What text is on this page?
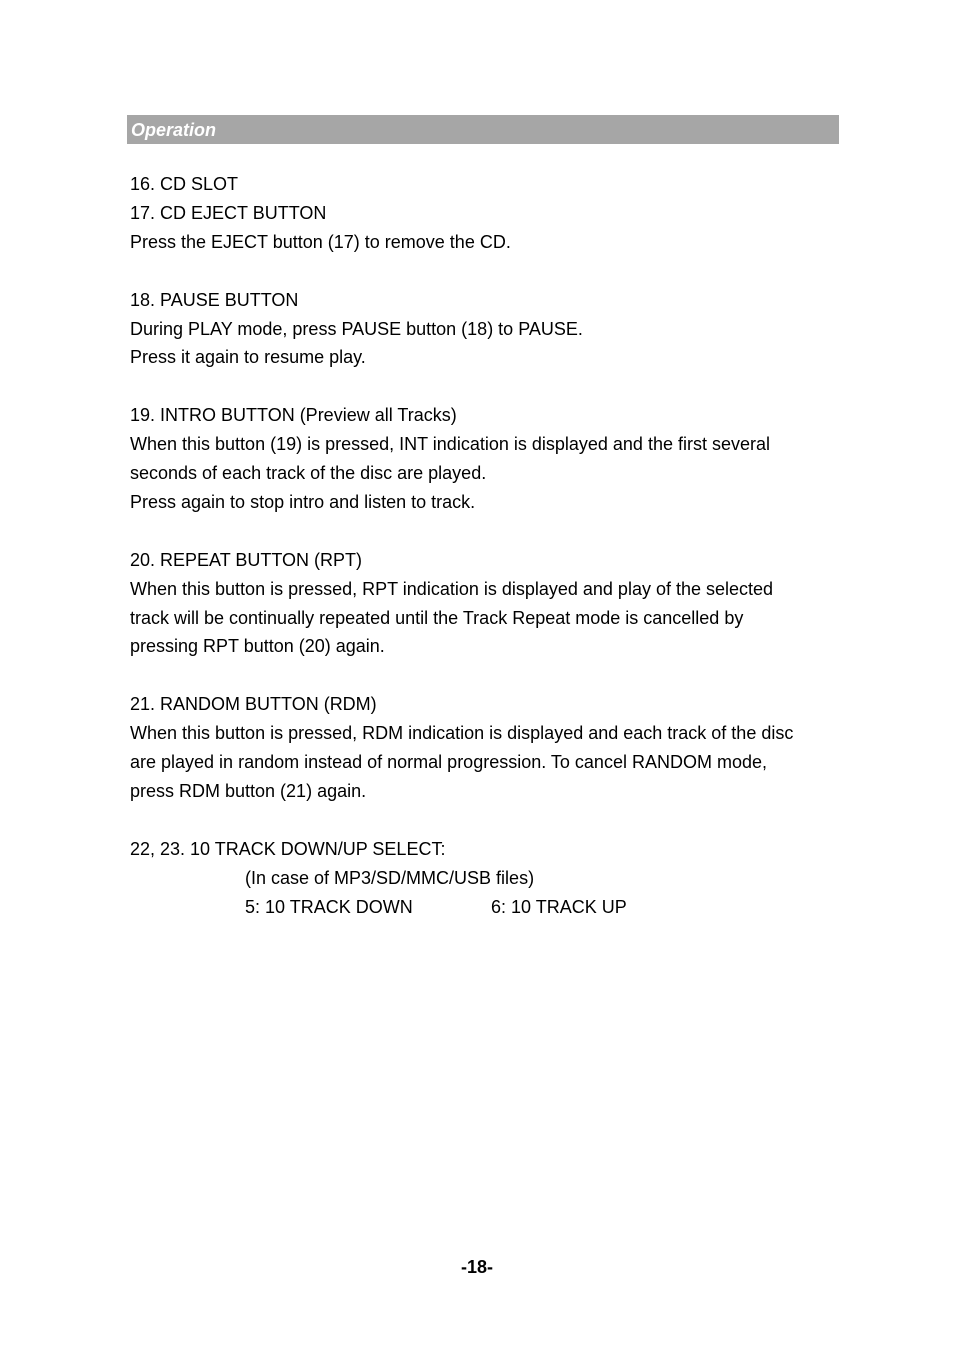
Operation
16. CD SLOT
17. CD EJECT BUTTON
Press the EJECT button (17) to remove the CD.
18. PAUSE BUTTON
During PLAY mode, press PAUSE button (18) to PAUSE.
Press it again to resume play.
19. INTRO BUTTON (Preview all Tracks)
When this button (19) is pressed, INT indication is displayed and the first several
seconds of each track of the disc are played.
Press again to stop intro and listen to track.
20. REPEAT BUTTON (RPT)
When this button is pressed, RPT indication is displayed and play of the selected
track will be continually repeated until the Track Repeat mode is cancelled by
pressing RPT button (20) again.
21. RANDOM BUTTON (RDM)
When this button is pressed, RDM indication is displayed and each track of the disc
are played in random instead of normal progression. To cancel RANDOM mode,
press RDM button (21) again.
22, 23. 10 TRACK DOWN/UP SELECT:
(In case of MP3/SD/MMC/USB files)
5: 10 TRACK DOWN	6: 10 TRACK UP
-18-
